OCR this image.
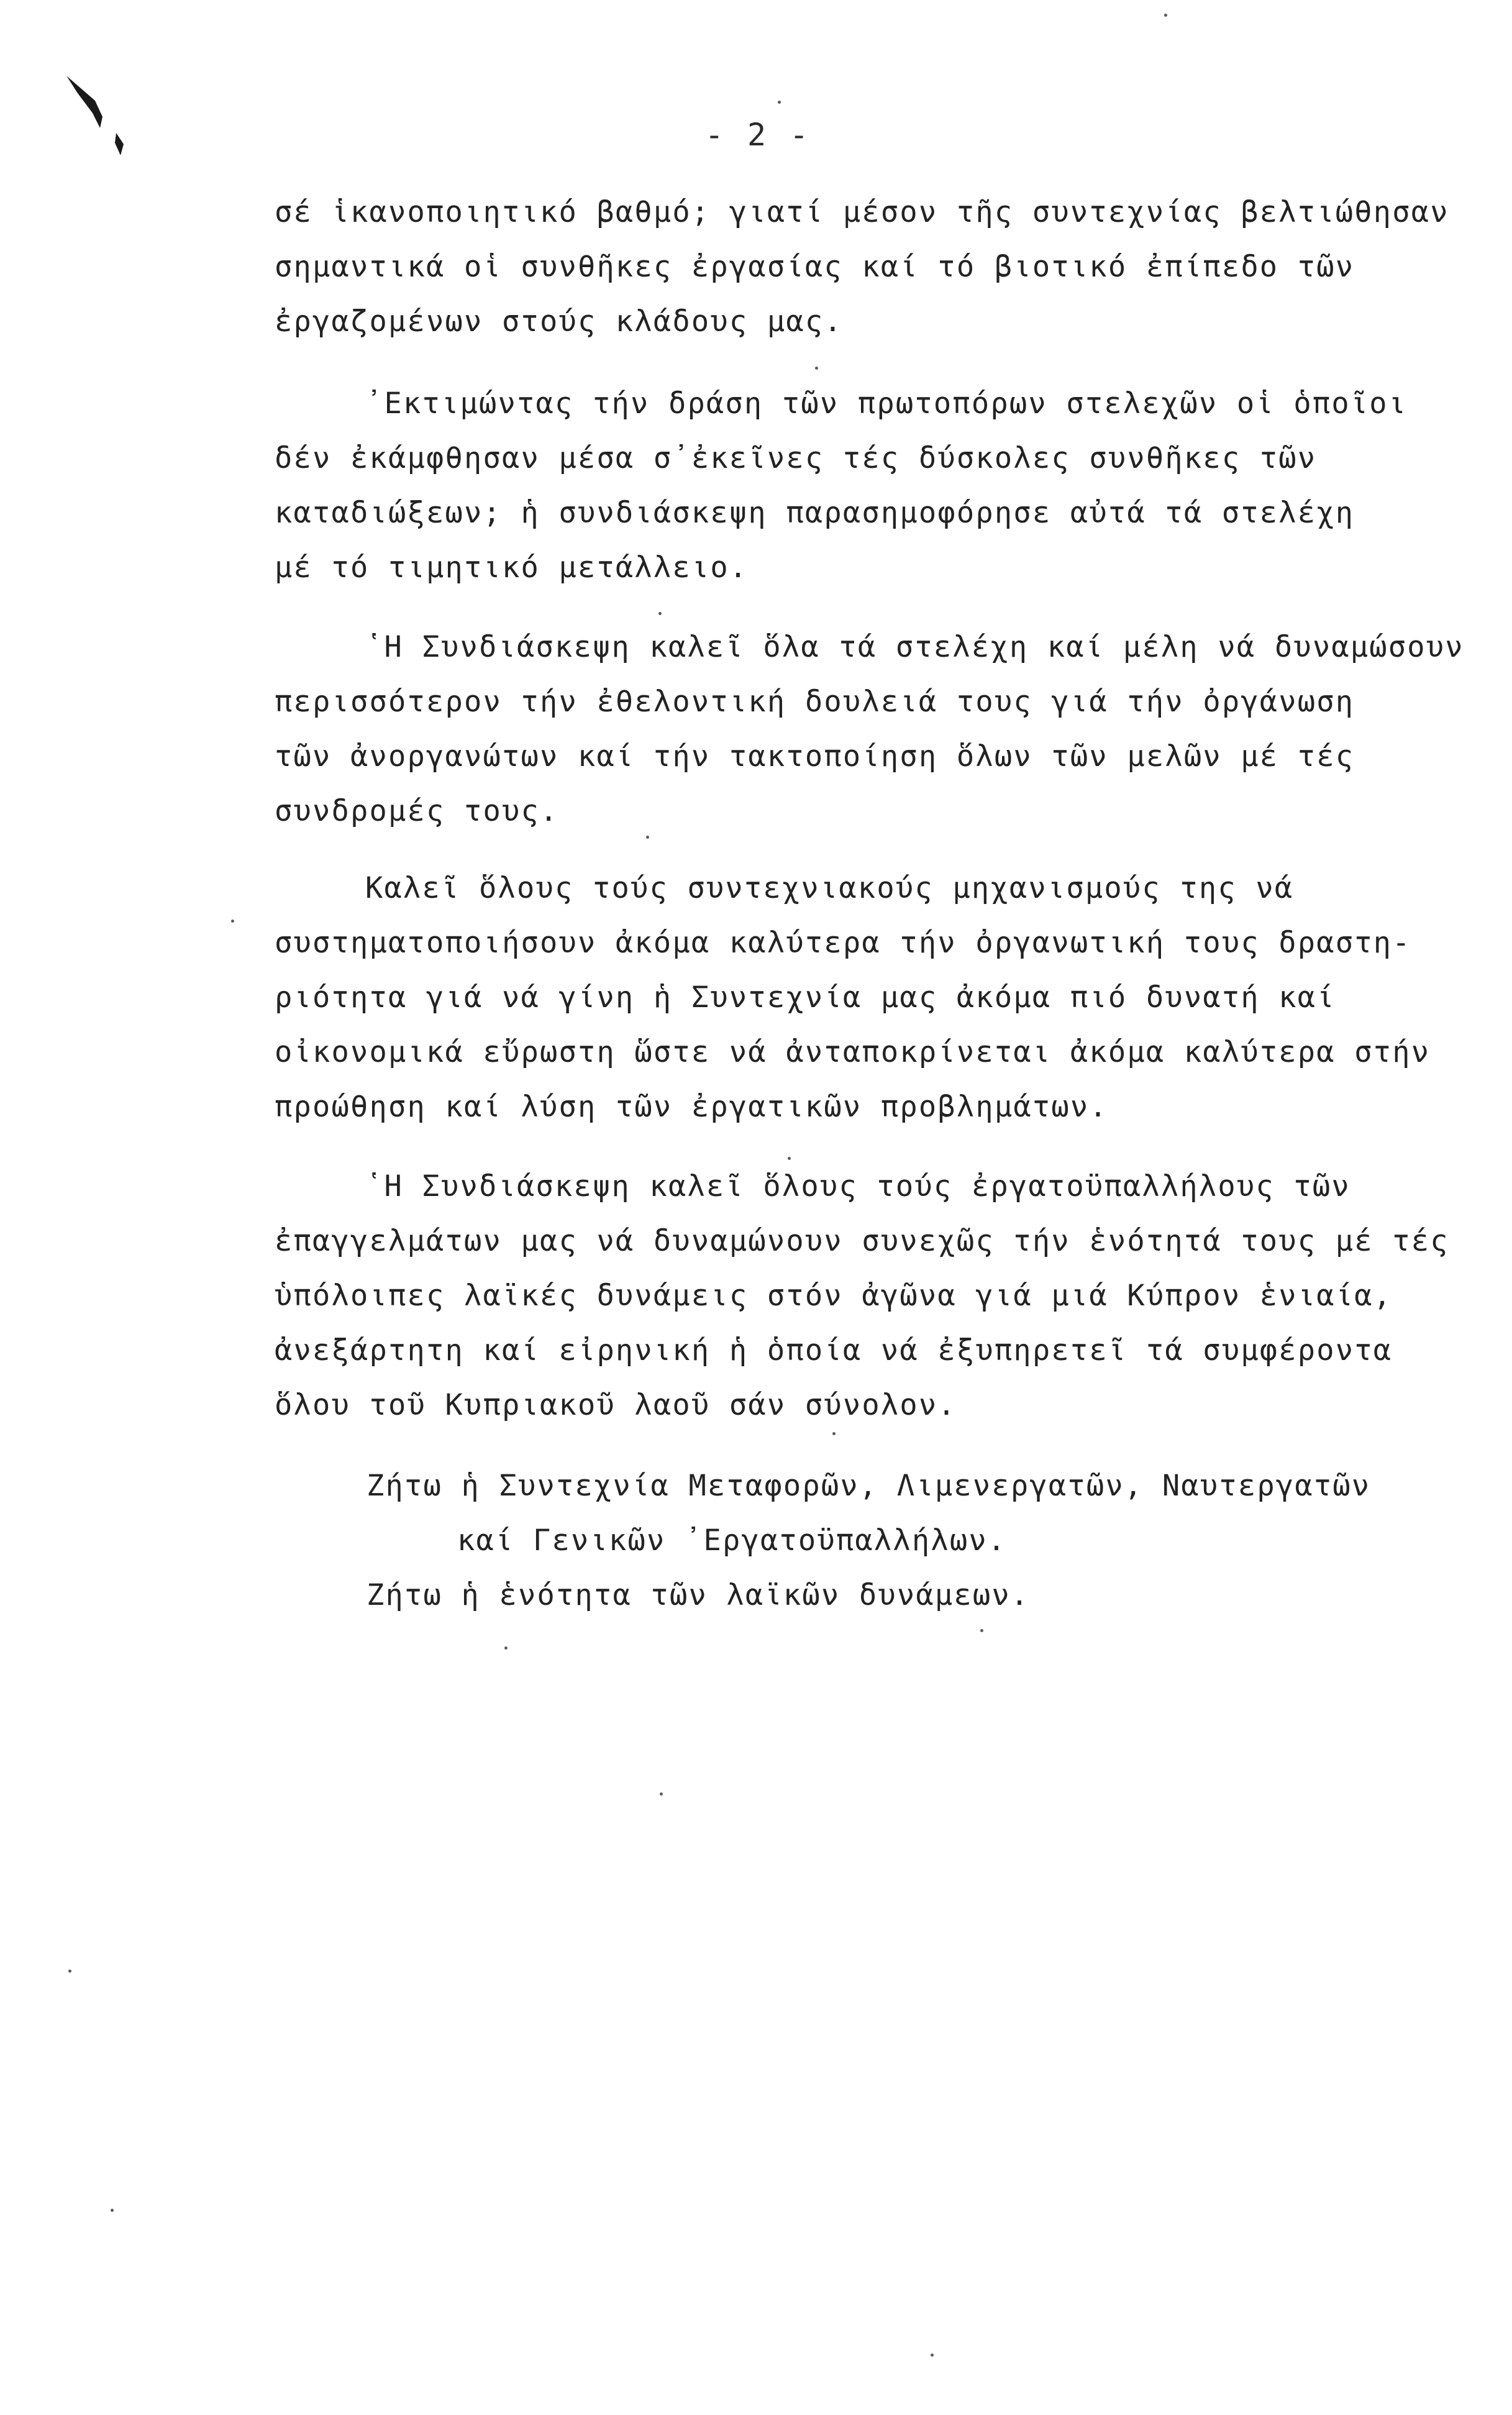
- 2 -
σέ ἱκανοποιητικό βαθμό; γιατί μέσον τῆς συντεχνίας βελτιώθησαν
σημαντικά οἱ συνθῆκες ἐργασίας καί τό βιοτικό ἐπίπεδο τῶν
ἐργαζομένων στούς κλάδους μας.
᾽Εκτιμώντας τήν δράση τῶν πρωτοπόρων στελεχῶν οἱ ὁποῖοι
δέν ἐκάμφθησαν μέσα σ᾽ἐκεῖνες τές δύσκολες συνθῆκες τῶν
καταδιώξεων; ἡ συνδιάσκεψη παρασημοφόρησε αὐτά τά στελέχη
μέ τό τιμητικό μετάλλειο.
῾Η Συνδιάσκεψη καλεῖ ὅλα τά στελέχη καί μέλη νά δυναμώσουν
περισσότερον τήν ἐθελοντική δουλειά τους γιά τήν ὀργάνωση
τῶν ἀνοργανώτων καί τήν τακτοποίηση ὅλων τῶν μελῶν μέ τές
συνδρομές τους.
Καλεῖ ὅλους τούς συντεχνιακούς μηχανισμούς της νά
συστηματοποιήσουν ἀκόμα καλύτερα τήν ὀργανωτική τους δραστη-
ριότητα γιά νά γίνη ἡ Συντεχνία μας ἀκόμα πιό δυνατή καί
οἰκονομικά εὔρωστη ὥστε νά ἀνταποκρίνεται ἀκόμα καλύτερα στήν
προώθηση καί λύση τῶν ἐργατικῶν προβλημάτων.
῾Η Συνδιάσκεψη καλεῖ ὅλους τούς ἐργατοϋπαλλήλους τῶν
ἐπαγγελμάτων μας νά δυναμώνουν συνεχῶς τήν ἑνότητά τους μέ τές
ὑπόλοιπες λαϊκές δυνάμεις στόν ἀγῶνα γιά μιά Κύπρον ἑνιαία,
ἀνεξάρτητη καί εἰρηνική ἡ ὁποία νά ἐξυπηρετεῖ τά συμφέροντα
ὅλου τοῦ Κυπριακοῦ λαοῦ σάν σύνολον.
Ζήτω ἡ Συντεχνία Μεταφορῶν, Λιμενεργατῶν, Ναυτεργατῶν
καί Γενικῶν ᾽Εργατοϋπαλλήλων.
Ζήτω ἡ ἑνότητα τῶν λαϊκῶν δυνάμεων.
